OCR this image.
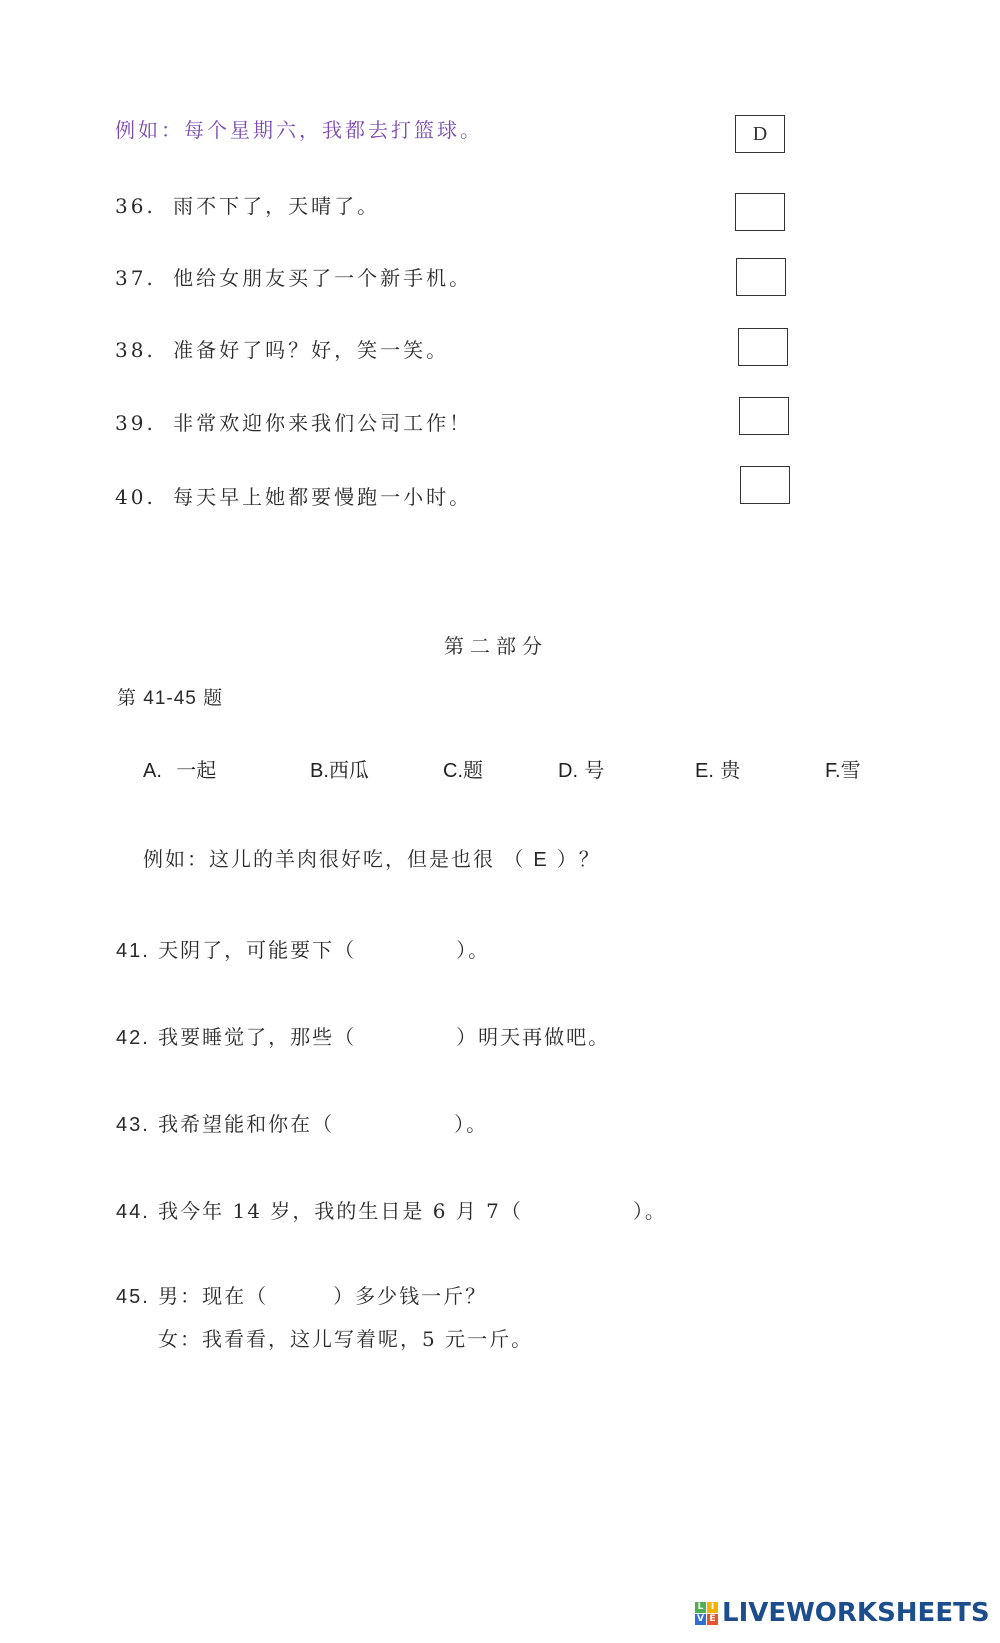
例如：每个星期六，我都去打篮球。	D
36. 雨不下了，天晴了。
37. 他给女朋友买了一个新手机。
38. 准备好了吗？好，笑一笑。
39. 非常欢迎你来我们公司工作！
40. 每天早上她都要慢跑一小时。
第二部分
第 41-45 题
A. 一起	B.西瓜	C.题	D. 号	E. 贵	F.雪
例如：这儿的羊肉很好吃，但是也很 （ E ）？
41. 天阴了，可能要下（	）。
42. 我要睡觉了，那些（	）明天再做吧。
43. 我希望能和你在（	）。
44. 我今年 14 岁，我的生日是 6 月 7（	）。
45. 男：现在（	）多少钱一斤？
女：我看看，这儿写着呢，5 元一斤。
L I
V E LIVEWORKSHEETS
